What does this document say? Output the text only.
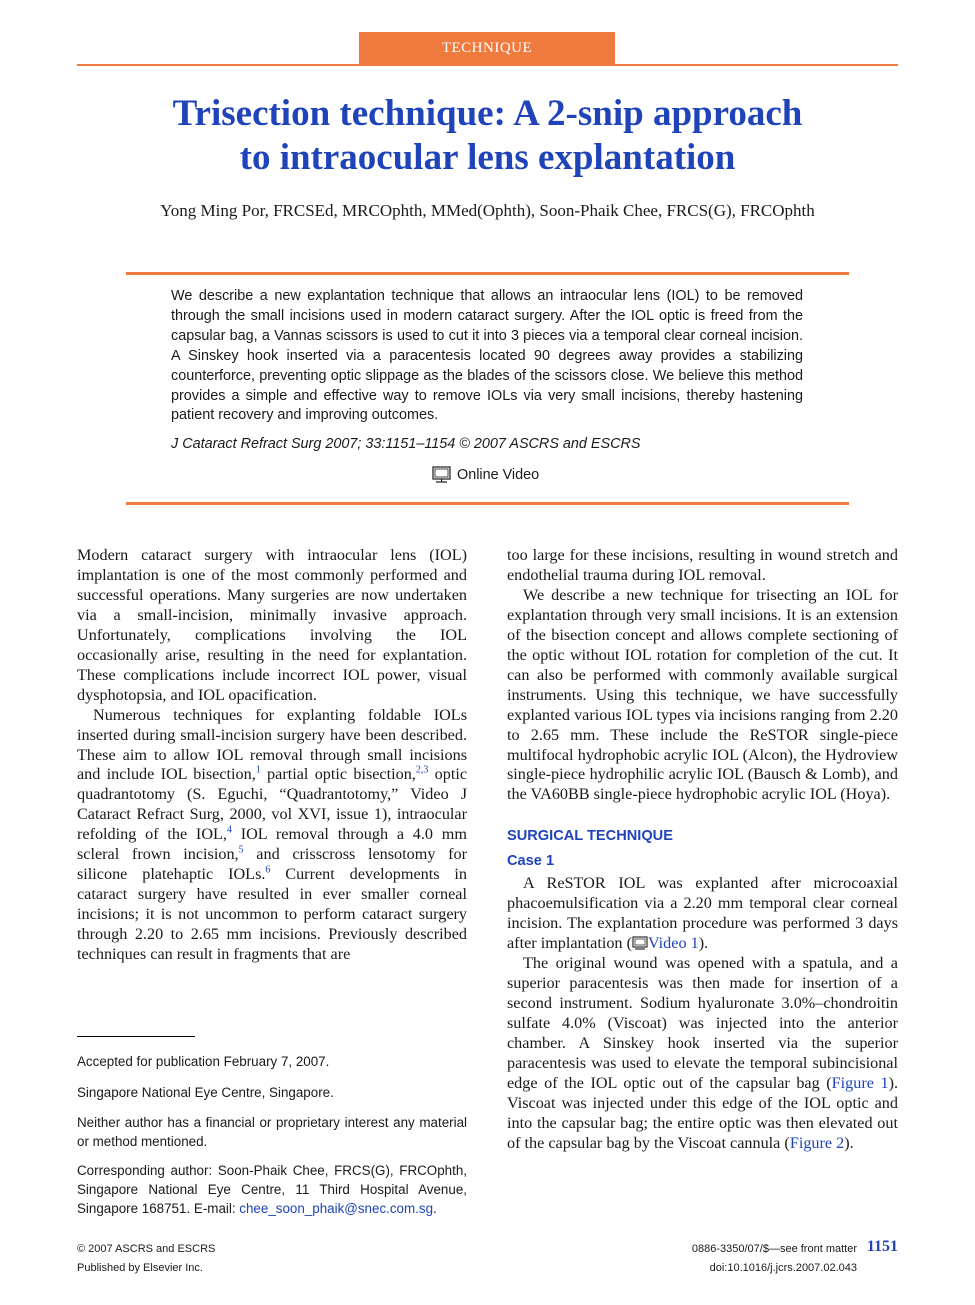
TECHNIQUE
Trisection technique: A 2-snip approach
to intraocular lens explantation
Yong Ming Por, FRCSEd, MRCOphth, MMed(Ophth), Soon-Phaik Chee, FRCS(G), FRCOphth
We describe a new explantation technique that allows an intraocular lens (IOL) to be removed through the small incisions used in modern cataract surgery. After the IOL optic is freed from the capsular bag, a Vannas scissors is used to cut it into 3 pieces via a temporal clear corneal incision. A Sinskey hook inserted via a paracentesis located 90 degrees away provides a stabilizing counterforce, preventing optic slippage as the blades of the scissors close. We believe this method provides a simple and effective way to remove IOLs via very small incisions, thereby hastening patient recovery and improving outcomes.
J Cataract Refract Surg 2007; 33:1151–1154 © 2007 ASCRS and ESCRS
Online Video

Modern cataract surgery with intraocular lens (IOL) implantation is one of the most commonly performed and successful operations. Many surgeries are now undertaken via a small-incision, minimally invasive approach. Unfortunately, complications involving the IOL occasionally arise, resulting in the need for explantation. These complications include incorrect IOL power, visual dysphotopsia, and IOL opacification.

Numerous techniques for explanting foldable IOLs inserted during small-incision surgery have been described. These aim to allow IOL removal through small incisions and include IOL bisection,$^1$ partial optic bisection,$^{2,3}$ optic quadrantotomy (S. Eguchi, “Quadrantotomy,” Video J Cataract Refract Surg, 2000, vol XVI, issue 1), intraocular refolding of the IOL,$^4$ IOL removal through a 4.0 mm scleral frown incision,$^5$ and crisscross lensotomy for silicone platehaptic IOLs.$^6$ Current developments in cataract surgery have resulted in ever smaller corneal incisions; it is not uncommon to perform cataract surgery through 2.20 to 2.65 mm incisions. Previously described techniques can result in fragments that are

too large for these incisions, resulting in wound stretch and endothelial trauma during IOL removal.

We describe a new technique for trisecting an IOL for explantation through very small incisions. It is an extension of the bisection concept and allows complete sectioning of the optic without IOL rotation for completion of the cut. It can also be performed with commonly available surgical instruments. Using this technique, we have successfully explanted various IOL types via incisions ranging from 2.20 to 2.65 mm. These include the ReSTOR single-piece multifocal hydrophobic acrylic IOL (Alcon), the Hydroview single-piece hydrophilic acrylic IOL (Bausch & Lomb), and the VA60BB single-piece hydrophobic acrylic IOL (Hoya).

SURGICAL TECHNIQUE
Case 1

A ReSTOR IOL was explanted after microcoaxial phacoemulsification via a 2.20 mm temporal clear corneal incision. The explantation procedure was performed 3 days after implantation ( Video 1).

The original wound was opened with a spatula, and a superior paracentesis was then made for insertion of a second instrument. Sodium hyaluronate 3.0%–chondroitin sulfate 4.0% (Viscoat) was injected into the anterior chamber. A Sinskey hook inserted via the superior paracentesis was used to elevate the temporal subincisional edge of the IOL optic out of the capsular bag (Figure 1). Viscoat was injected under this edge of the IOL optic and into the capsular bag; the entire optic was then elevated out of the capsular bag by the Viscoat cannula (Figure 2).

Accepted for publication February 7, 2007.
Singapore National Eye Centre, Singapore.
Neither author has a financial or proprietary interest any material or method mentioned.
Corresponding author: Soon-Phaik Chee, FRCS(G), FRCOphth, Singapore National Eye Centre, 11 Third Hospital Avenue, Singapore 168751. E-mail: chee_soon_phaik@snec.com.sg.
© 2007 ASCRS and ESCRS
Published by Elsevier Inc.
0886-3350/07/$—see front matter
doi:10.1016/j.jcrs.2007.02.043
1151
